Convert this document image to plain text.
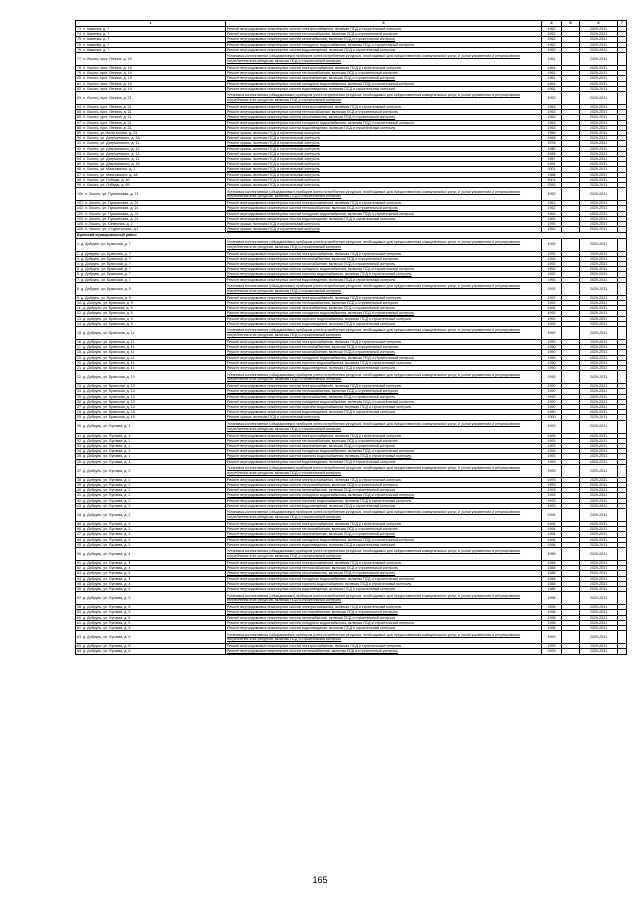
1	3	4	5	6	7
73. п. Каменка, д. 7	Ремонт внутридомовых инженерных систем электроснабжения, включая ПСД и строительный контроль	1962		2029-2031	
74. п. Каменка, д. 7	Ремонт внутридомовых инженерных систем теплоснабжения, включая ПСД и строительный контроль	1962		2029-2031	
75. п. Каменка, д. 7	Ремонт внутридомовых инженерных систем газоснабжения, включая ПСД и строительный контроль	1962		2029-2031	
75. п. Каменка, д. 7	Ремонт внутридомовых инженерных систем холодного водоснабжения, включая ПСД и строительный контроль	1962		2029-2031	
76. п. Каменка, д. 7	Ремонт внутридомовых инженерных систем водоотведения, включая ПСД и строительный контроль	1962		2029-2031	
77. п. Локоть, пркт. Ленина, д. 19	Установка коллективных (общедомовых) приборов учета потребления ресурсов, необходимых для предоставления коммунальных услуг, и узлов управления и регулирования потребления этих ресурсов, включая ПСД и строительный контроль	1961		2029-2031	
78. п. Локоть, пркт. Ленина, д. 19	Ремонт внутридомовых инженерных систем электроснабжения, включая ПСД и строительный контроль	1961		2029-2031	
79. п. Локоть, пркт. Ленина, д. 19	Ремонт внутридомовых инженерных систем теплоснабжения, включая ПСД и строительный контроль	1961		2029-2031	
80. п. Локоть, пркт. Ленина, д. 19	Ремонт внутридомовых инженерных систем газоснабжения, включая ПСД и строительный контроль	1961		2029-2031	
81. п. Локоть, пркт. Ленина, д. 19	Ремонт внутридомовых инженерных систем холодного водоснабжения, включая ПСД и строительный контроль	1961		2029-2031	
82. п. Локоть, пркт. Ленина, д. 19	Ремонт внутридомовых инженерных систем водоотведения, включая ПСД и строительный контроль	1961		2029-2031	
83. п. Локоть, пркт. Ленина, д. 21	Установка коллективных (общедомовых) приборов учета потребления ресурсов, необходимых для предоставления коммунальных услуг, и узлов управления и регулирования потребления этих ресурсов, включая ПСД и строительный контроль	1963		2029-2031	
84. п. Локоть, пркт. Ленина, д. 21	Ремонт внутридомовых инженерных систем электроснабжения, включая ПСД и строительный контроль	1963		2029-2031	
85. п. Локоть, пркт. Ленина, д. 21	Ремонт внутридомовых инженерных систем теплоснабжения, включая ПСД и строительный контроль	1963		2029-2031	
86. п. Локоть, пркт. Ленина, д. 21	Ремонт внутридомовых инженерных систем газоснабжения, включая ПСД и строительный контроль	1963		2029-2031	
87. п. Локоть, пркт. Ленина, д. 21	Ремонт внутридомовых инженерных систем холодного водоснабжения, включая ПСД и строительный контроль	1963		2029-2031	
88. п. Локоть, пркт. Ленина, д. 21	Ремонт внутридомовых инженерных систем водоотведения, включая ПСД и строительный контроль	1963		2029-2031	
89. п. Локоть, ул. Вали Котика, д. 23	Ремонт крыши, включая ПСД и строительный контроль	1966		2029-2031	
90. п. Локоть, ул. Дзержинского, д. 3А	Ремонт крыши, включая ПСД и строительный контроль	1966		2029-2031	
91. п. Локоть, ул. Дзержинского, д. 11	Ремонт крыши, включая ПСД и строительный контроль	1976		2029-2031	
92. п. Локоть, ул. Дзержинского, д. 12	Ремонт крыши, включая ПСД и строительный контроль	1980		2029-2031	
93. п. Локоть, ул. Дзержинского, д. 13	Ремонт крыши, включая ПСД и строительный контроль	1984		2029-2031	
94. п. Локоть, ул. Дзержинского, д. 14	Ремонт крыши, включая ПСД и строительный контроль	1987		2029-2031	
95. п. Локоть, ул. Дзержинского, д. 16	Ремонт крыши, включая ПСД и строительный контроль	1991		2029-2031	
96. п. Локоть, ул. Маяковского, д. 1	Ремонт крыши, включая ПСД и строительный контроль	2001		2029-2031	
97. п. Локоть, ул. Маяковского, д. 3А	Ремонт крыши, включая ПСД и строительный контроль	1988		2029-2031	
98. п. Локоть, ул. Победы, д. 40	Ремонт крыши, включая ПСД и строительный контроль	2001		2029-2031	
99. п. Локоть, ул. Победы, д. 69	Ремонт крыши, включая ПСД и строительный контроль	1990		2029-2031	
100. п. Локоть, ул. Пушкинская, д. 21	Установка коллективных (общедомовых) приборов учета потребления ресурсов, необходимых для предоставления коммунальных услуг, и узлов управления и регулирования потребления этих ресурсов, включая ПСД и строительный контроль	1962		2029-2031	
101. п. Локоть, ул. Пушкинская, д. 21	Ремонт внутридомовых инженерных систем электроснабжения, включая ПСД и строительный контроль	1962		2029-2031	
102. п. Локоть, ул. Пушкинская, д. 21	Ремонт внутридомовых инженерных систем теплоснабжения, включая ПСД и строительный контроль	1962		2029-2031	
103. п. Локоть, ул. Пушкинская, д. 21	Ремонт внутридомовых инженерных систем холодного водоснабжения, включая ПСД и строительный контроль	1962		2029-2031	
104. п. Локоть, ул. Пушкинская, д. 21	Ремонт внутридомовых инженерных систем водоотведения, включая ПСД и строительный контроль	1962		2029-2031	
105. п. Локоть, ул. Северная, д. 2	Ремонт крыши, включая ПСД и строительный контроль	1993		2029-2031	
106. п. Локоть, ул. Студенческая, д.1	Ремонт крыши, включая ПСД и строительный контроль	1962		2029-2031	
Брянский муниципальный район					
1. д. Добрунь, ул. Брянская, д. 7	Установка коллективных (общедомовых) приборов учета потребления ресурсов, необходимых для предоставления коммунальных услуг, и узлов управления и регулирования потребления этих ресурсов, включая ПСД и строительный контроль	1992		2029-2031	
2. д. Добрунь, ул. Брянская, д. 7	Ремонт внутридомовых инженерных систем электроснабжения, включая ПСД и строительный контроль	1992		2029-2031	
3. д. Добрунь, ул. Брянская, д. 7	Ремонт внутридомовых инженерных систем теплоснабжения, включая ПСД и строительный контроль	1992		2029-2031	
4. д. Добрунь, ул. Брянская, д. 7	Ремонт внутридомовых инженерных систем газоснабжения, включая ПСД и строительный контроль	1992		2029-2031	
5. д. Добрунь, ул. Брянская, д. 7	Ремонт внутридомовых инженерных систем холодного водоснабжения, включая ПСД и строительный контроль	1992		2029-2031	
6. д. Добрунь, ул. Брянская, д. 7	Ремонт внутридомовых инженерных систем горячего водоснабжения, включая ПСД и строительный контроль	1992		2029-2031	
7. д. Добрунь, ул. Брянская, д. 7	Ремонт внутридомовых инженерных систем водоотведения, включая ПСД и строительный контроль	1992		2029-2031	
8. д. Добрунь, ул. Брянская, д. 9	Установка коллективных (общедомовых) приборов учета потребления ресурсов, необходимых для предоставления коммунальных услуг, и узлов управления и регулирования потребления этих ресурсов, включая ПСД и строительный контроль	1992		2029-2031	
9. д. Добрунь, ул. Брянская, д. 9	Ремонт внутридомовых инженерных систем электроснабжения, включая ПСД и строительный контроль	1992		2029-2031	
10. д. Добрунь, ул. Брянская, д. 9	Ремонт внутридомовых инженерных систем теплоснабжения, включая ПСД и строительный контроль	1992		2029-2031	
11. д. Добрунь, ул. Брянская, д. 9	Ремонт внутридомовых инженерных систем газоснабжения, включая ПСД и строительный контроль	1992		2029-2031	
12. д. Добрунь, ул. Брянская, д. 9	Ремонт внутридомовых инженерных систем холодного водоснабжения, включая ПСД и строительный контроль	1992		2029-2031	
13. д. Добрунь, ул. Брянская, д. 9	Ремонт внутридомовых инженерных систем горячего водоснабжения, включая ПСД и строительный контроль	1992		2029-2031	
14. д. Добрунь, ул. Брянская, д. 9	Ремонт внутридомовых инженерных систем водоотведения, включая ПСД и строительный контроль	1992		2029-2031	
15. д. Добрунь, ул. Брянская, д. 11	Установка коллективных (общедомовых) приборов учета потребления ресурсов, необходимых для предоставления коммунальных услуг, и узлов управления и регулирования потребления этих ресурсов, включая ПСД и строительный контроль	1990		2029-2031	
16. д. Добрунь, ул. Брянская, д. 11	Ремонт внутридомовых инженерных систем электроснабжения, включая ПСД и строительный контроль	1990		2029-2031	
17. д. Добрунь, ул. Брянская, д. 11	Ремонт внутридомовых инженерных систем теплоснабжения, включая ПСД и строительный контроль	1990		2029-2031	
18. д. Добрунь, ул. Брянская, д. 11	Ремонт внутридомовых инженерных систем газоснабжения, включая ПСД и строительный контроль	1990		2029-2031	
19. д. Добрунь, ул. Брянская, д. 11	Ремонт внутридомовых инженерных систем холодного водоснабжения, включая ПСД и строительный контроль	1990		2029-2031	
20. д. Добрунь, ул. Брянская, д. 11	Ремонт внутридомовых инженерных систем горячего водоснабжения, включая ПСД и строительный контроль	1990		2029-2031	
21. д. Добрунь, ул. Брянская, д. 11	Ремонт внутридомовых инженерных систем водоотведения, включая ПСД и строительный контроль	1990		2029-2031	
22. д. Добрунь, ул. Брянская, д. 13	Установка коллективных (общедомовых) приборов учета потребления ресурсов, необходимых для предоставления коммунальных услуг, и узлов управления и регулирования потребления этих ресурсов, включая ПСД и строительный контроль	1990		2029-2031	
23. д. Добрунь, ул. Брянская, д. 13	Ремонт внутридомовых инженерных систем электроснабжения, включая ПСД и строительный контроль	1990		2029-2031	
24. д. Добрунь, ул. Брянская, д. 13	Ремонт внутридомовых инженерных систем теплоснабжения, включая ПСД и строительный контроль	1990		2029-2031	
25. д. Добрунь, ул. Брянская, д. 13	Ремонт внутридомовых инженерных систем газоснабжения, включая ПСД и строительный контроль	1990		2029-2031	
26. д. Добрунь, ул. Брянская, д. 13	Ремонт внутридомовых инженерных систем холодного водоснабжения, включая ПСД и строительный контроль	1990		2029-2031	
27. д. Добрунь, ул. Брянская, д. 13	Ремонт внутридомовых инженерных систем горячего водоснабжения, включая ПСД и строительный контроль	1990		2029-2031	
28. д. Добрунь, ул. Брянская, д. 13	Ремонт внутридомовых инженерных систем водоотведения, включая ПСД и строительный контроль	1990		2029-2031	
29. д. Добрунь, ул. Брянская, д. 15	Ремонт крыши, включая ПСД и строительный контроль	2000		2029-2031	
30. д. Добрунь, ул. Луговая, д. 1	Установка коллективных (общедомовых) приборов учета потребления ресурсов, необходимых для предоставления коммунальных услуг, и узлов управления и регулирования потребления этих ресурсов, включая ПСД и строительный контроль	1993		2029-2031	
31. д. Добрунь, ул. Луговая, д. 1	Ремонт внутридомовых инженерных систем электроснабжения, включая ПСД и строительный контроль	1993		2029-2031	
32. д. Добрунь, ул. Луговая, д. 1	Ремонт внутридомовых инженерных систем теплоснабжения, включая ПСД и строительный контроль	1993		2029-2031	
33. д. Добрунь, ул. Луговая, д. 1	Ремонт внутридомовых инженерных систем газоснабжения, включая ПСД и строительный контроль	1993		2029-2031	
34. д. Добрунь, ул. Луговая, д. 1	Ремонт внутридомовых инженерных систем холодного водоснабжения, включая ПСД и строительный контроль	1993		2029-2031	
35. д. Добрунь, ул. Луговая, д. 1	Ремонт внутридомовых инженерных систем горячего водоснабжения, включая ПСД и строительный контроль	1993		2029-2031	
36. д. Добрунь, ул. Луговая, д. 1	Ремонт внутридомовых инженерных систем водоотведения, включая ПСД и строительный контроль	1993		2029-2031	
37. д. Добрунь, ул. Луговая, д. 2	Установка коллективных (общедомовых) приборов учета потребления ресурсов, необходимых для предоставления коммунальных услуг, и узлов управления и регулирования потребления этих ресурсов, включая ПСД и строительный контроль	1993		2029-2031	
38. д. Добрунь, ул. Луговая, д. 2	Ремонт внутридомовых инженерных систем электроснабжения, включая ПСД и строительный контроль	1993		2029-2031	
39. д. Добрунь, ул. Луговая, д. 2	Ремонт внутридомовых инженерных систем теплоснабжения, включая ПСД и строительный контроль	1993		2029-2031	
40. д. Добрунь, ул. Луговая, д. 2	Ремонт внутридомовых инженерных систем газоснабжения, включая ПСД и строительный контроль	1993		2029-2031	
41. д. Добрунь, ул. Луговая, д. 2	Ремонт внутридомовых инженерных систем холодного водоснабжения, включая ПСД и строительный контроль	1993		2029-2031	
42. д. Добрунь, ул. Луговая, д. 2	Ремонт внутридомовых инженерных систем горячего водоснабжения, включая ПСД и строительный контроль	1993		2029-2031	
43. д. Добрунь, ул. Луговая, д. 2	Ремонт внутридомовых инженерных систем водоотведения, включая ПСД и строительный контроль	1993		2029-2031	
44. д. Добрунь, ул. Луговая, д. 3	Установка коллективных (общедомовых) приборов учета потребления ресурсов, необходимых для предоставления коммунальных услуг, и узлов управления и регулирования потребления этих ресурсов, включая ПСД и строительный контроль	1994		2029-2031	
45. д. Добрунь, ул. Луговая, д. 3	Ремонт внутридомовых инженерных систем электроснабжения, включая ПСД и строительный контроль	1994		2029-2031	
46. д. Добрунь, ул. Луговая, д. 3	Ремонт внутридомовых инженерных систем теплоснабжения, включая ПСД и строительный контроль	1994		2029-2031	
47. д. Добрунь, ул. Луговая, д. 3	Ремонт внутридомовых инженерных систем газоснабжения, включая ПСД и строительный контроль	1994		2029-2031	
48. д. Добрунь, ул. Луговая, д. 3	Ремонт внутридомовых инженерных систем холодного водоснабжения, включая ПСД и строительный контроль	1994		2029-2031	
49. д. Добрунь, ул. Луговая, д. 3	Ремонт внутридомовых инженерных систем водоотведения, включая ПСД и строительный контроль	1994		2029-2031	
50. д. Добрунь, ул. Луговая, д. 4	Установка коллективных (общедомовых) приборов учета потребления ресурсов, необходимых для предоставления коммунальных услуг, и узлов управления и регулирования потребления этих ресурсов, включая ПСД и строительный контроль	1988		2029-2031	
51. д. Добрунь, ул. Луговая, д. 4	Ремонт внутридомовых инженерных систем электроснабжения, включая ПСД и строительный контроль	1988		2029-2031	
52. д. Добрунь, ул. Луговая, д. 4	Ремонт внутридомовых инженерных систем теплоснабжения, включая ПСД и строительный контроль	1988		2029-2031	
53. д. Добрунь, ул. Луговая, д. 4	Ремонт внутридомовых инженерных систем газоснабжения, включая ПСД и строительный контроль	1988		2029-2031	
54. д. Добрунь, ул. Луговая, д. 4	Ремонт внутридомовых инженерных систем холодного водоснабжения, включая ПСД и строительный контроль	1988		2029-2031	
55. д. Добрунь, ул. Луговая, д. 4	Ремонт внутридомовых инженерных систем горячего водоснабжения, включая ПСД и строительный контроль	1988		2029-2031	
56. д. Добрунь, ул. Луговая, д. 4	Ремонт внутридомовых инженерных систем водоотведения, включая ПСД и строительный контроль	1988		2029-2031	
57. д. Добрунь, ул. Луговая, д. 5	Установка коллективных (общедомовых) приборов учета потребления ресурсов, необходимых для предоставления коммунальных услуг, и узлов управления и регулирования потребления этих ресурсов, включая ПСД и строительный контроль	1996		2029-2031	
58. д. Добрунь, ул. Луговая, д. 5	Ремонт внутридомовых инженерных систем электроснабжения, включая ПСД и строительный контроль	1996		2029-2031	
59. д. Добрунь, ул. Луговая, д. 5	Ремонт внутридомовых инженерных систем теплоснабжения, включая ПСД и строительный контроль	1996		2029-2031	
60. д. Добрунь, ул. Луговая, д. 5	Ремонт внутридомовых инженерных систем газоснабжения, включая ПСД и строительный контроль	1996		2029-2031	
61. д. Добрунь, ул. Луговая, д. 5	Ремонт внутридомовых инженерных систем холодного водоснабжения, включая ПСД и строительный контроль	1996		2029-2031	
62. д. Добрунь, ул. Луговая, д. 5	Ремонт внутридомовых инженерных систем водоотведения, включая ПСД и строительный контроль	1996		2029-2031	
63. д. Добрунь, ул. Луговая, д. 6	Установка коллективных (общедомовых) приборов учета потребления ресурсов, необходимых для предоставления коммунальных услуг, и узлов управления и регулирования потребления этих ресурсов, включая ПСД и строительный контроль	1993		2029-2031	
64. д. Добрунь, ул. Луговая, д. 6	Ремонт внутридомовых инженерных систем электроснабжения, включая ПСД и строительный контроль	1993		2029-2031	
65. д. Добрунь, ул. Луговая, д. 6	Ремонт внутридомовых инженерных систем теплоснабжения, включая ПСД и строительный контроль	1993		2029-2031	
165
